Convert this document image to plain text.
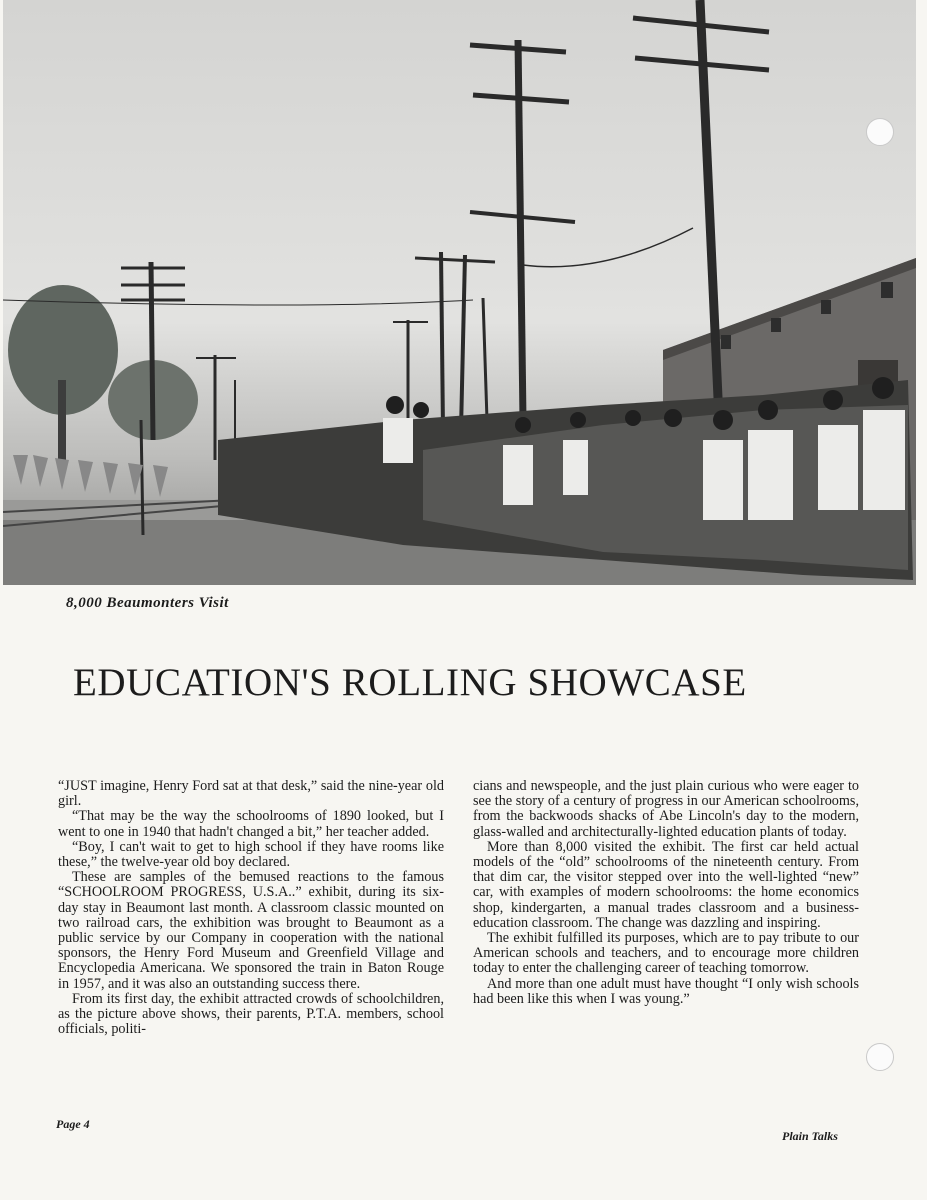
8,000 Beaumonters Visit
EDUCATION'S ROLLING SHOWCASE

“JUST imagine, Henry Ford sat at that desk,” said the nine-year old girl.

“That may be the way the schoolrooms of 1890 looked, but I went to one in 1940 that hadn't changed a bit,” her teacher added.

“Boy, I can't wait to get to high school if they have rooms like these,” the twelve-year old boy declared.

These are samples of the bemused reactions to the famous “SCHOOLROOM PROGRESS, U.S.A..” exhibit, during its six-day stay in Beaumont last month. A classroom classic mounted on two railroad cars, the exhibition was brought to Beaumont as a public service by our Company in cooperation with the national sponsors, the Henry Ford Museum and Greenfield Village and Encyclopedia Americana. We sponsored the train in Baton Rouge in 1957, and it was also an outstanding success there.

From its first day, the exhibit attracted crowds of schoolchildren, as the picture above shows, their parents, P.T.A. members, school officials, politi-

cians and newspeople, and the just plain curious who were eager to see the story of a century of progress in our American schoolrooms, from the backwoods shacks of Abe Lincoln's day to the modern, glass-walled and architecturally-lighted education plants of today.

More than 8,000 visited the exhibit. The first car held actual models of the “old” schoolrooms of the nineteenth century. From that dim car, the visitor stepped over into the well-lighted “new” car, with examples of modern schoolrooms: the home economics shop, kindergarten, a manual trades classroom and a business-education classroom. The change was dazzling and inspiring.

The exhibit fulfilled its purposes, which are to pay tribute to our American schools and teachers, and to encourage more children today to enter the challenging career of teaching tomorrow.

And more than one adult must have thought “I only wish schools had been like this when I was young.”

Page 4
Plain Talks
